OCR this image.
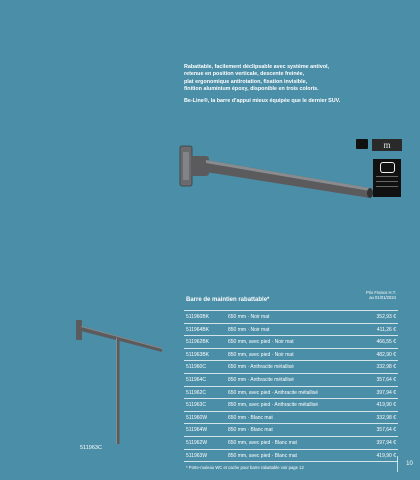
Rabattable, facilement déclipsable avec système antivol,

retenue en position verticale, descente freinée,

plat ergonomique antirotation, fixation invisible,

finition aluminium époxy, disponible en trois coloris.

Be-Line®, la barre d’appui mieux équipée que le dernier SUV.

m
511963C
Barre de maintien rabattable*
Prix France H.T.
au 01/01/2024
511960BK	650 mm · Noir mat	352,93 €
511964BK	850 mm · Noir mat	411,26 €
511962BK	650 mm, avec pied · Noir mat	466,55 €
511963BK	850 mm, avec pied · Noir mat	482,90 €
511960C	650 mm · Anthracite métallisé	332,98 €
511964C	850 mm · Anthracite métallisé	357,64 €
511962C	650 mm, avec pied · Anthracite métallisé	397,94 €
511963C	850 mm, avec pied · Anthracite métallisé	419,90 €
511960W	650 mm · Blanc mat	332,98 €
511964W	850 mm · Blanc mat	357,64 €
511962W	650 mm, avec pied · Blanc mat	397,94 €
511963W	850 mm, avec pied · Blanc mat	419,90 €
* Porte-rouleau WC et cache pour barre rabattable voir page 12
10
